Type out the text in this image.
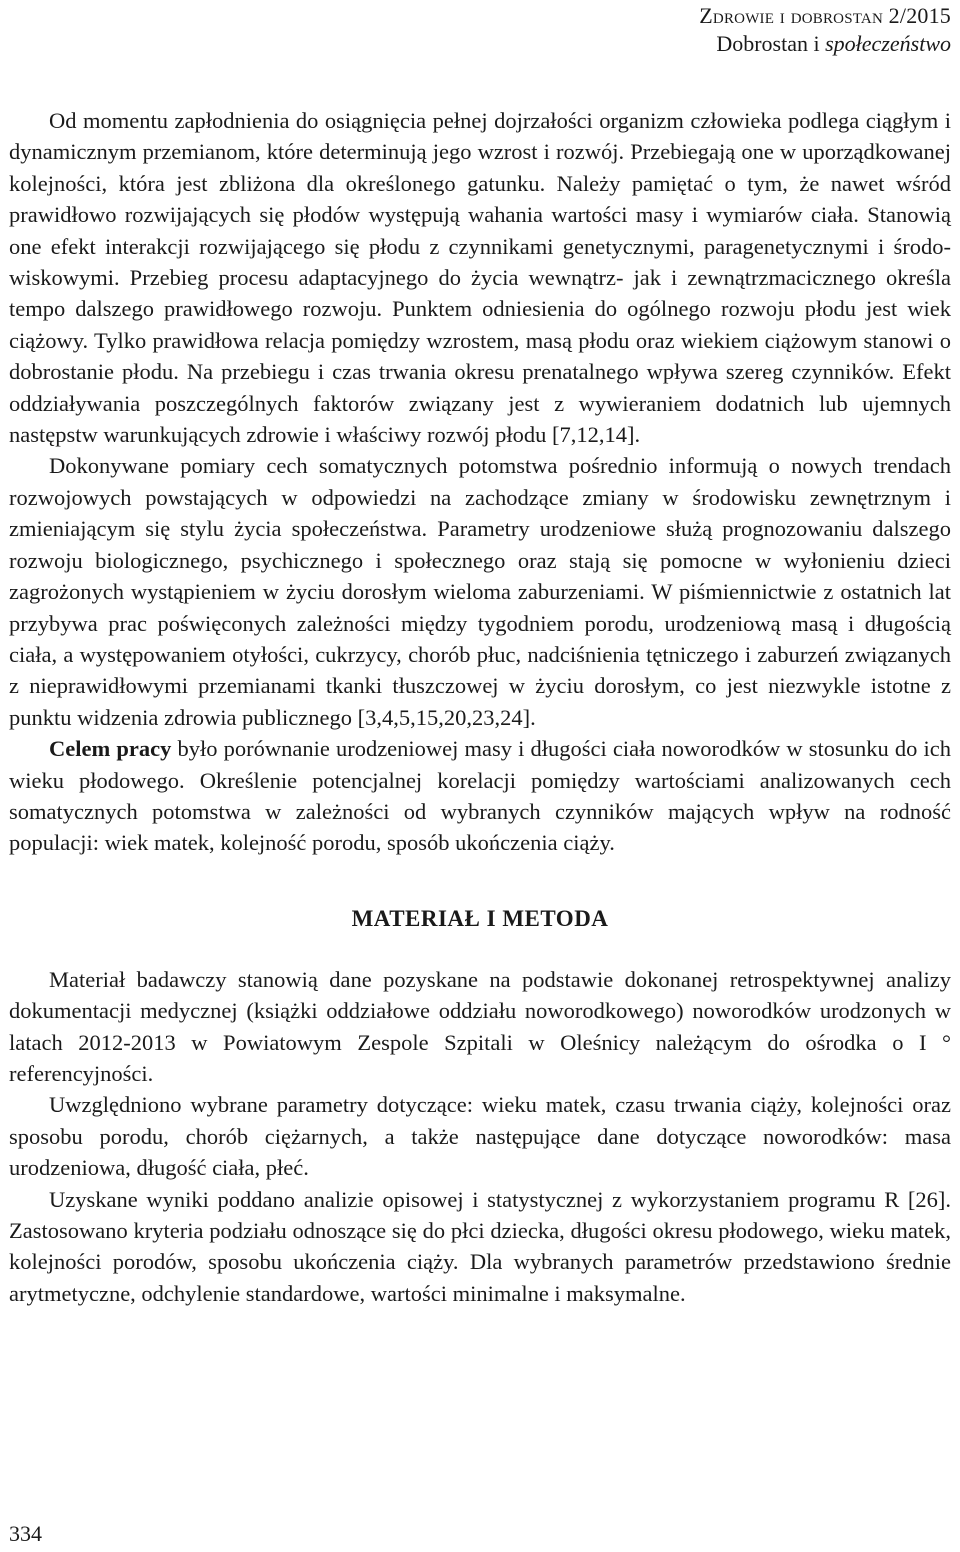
Zdrowie i dobrostan 2/2015
Dobrostan i społeczeństwo

Od momentu zapłodnienia do osiągnięcia pełnej dojrzałości organizm człowieka podlega ciągłym i dynamicznym przemianom, które determinują jego wzrost i rozwój. Przebiegają one w uporządkowanej kolejności, która jest zbliżona dla określonego gatunku. Należy pamiętać o tym, że nawet wśród prawidłowo rozwijających się płodów występują wahania wartości masy i wymiarów ciała. Stanowią one efekt interakcji rozwijającego się płodu z czynnikami genetycznymi, paragenetycznymi i środowiskowymi. Przebieg procesu adaptacyjnego do życia wewnątrz- jak i zewnątrzmacicznego określa tempo dalszego prawidłowego rozwoju. Punktem odniesienia do ogólnego rozwoju płodu jest wiek ciążowy. Tylko prawidłowa relacja pomiędzy wzrostem, masą płodu oraz wiekiem ciążowym stanowi o dobrostanie płodu. Na przebiegu i czas trwania okresu prenatalnego wpływa szereg czynników. Efekt oddziaływania poszczególnych faktorów związany jest z wywieraniem dodatnich lub ujemnych następstw warunkujących zdrowie i właściwy rozwój płodu [7,12,14].

Dokonywane pomiary cech somatycznych potomstwa pośrednio informują o nowych trendach rozwojowych powstających w odpowiedzi na zachodzące zmiany w środowisku zewnętrznym i zmieniającym się stylu życia społeczeństwa. Parametry urodzeniowe służą prognozowaniu dalszego rozwoju biologicznego, psychicznego i społecznego oraz stają się pomocne w wyłonieniu dzieci zagrożonych wystąpieniem w życiu dorosłym wieloma zaburzeniami. W piśmiennictwie z ostatnich lat przybywa prac poświęconych zależności między tygodniem porodu, urodzeniową masą i długością ciała, a występowaniem otyłości, cukrzycy, chorób płuc, nadciśnienia tętniczego i zaburzeń związanych z nieprawidłowymi przemianami tkanki tłuszczowej w życiu dorosłym, co jest niezwykle istotne z punktu widzenia zdrowia publicznego [3,4,5,15,20,23,24].

Celem pracy było porównanie urodzeniowej masy i długości ciała noworodków w stosunku do ich wieku płodowego. Określenie potencjalnej korelacji pomiędzy wartościami analizowanych cech somatycznych potomstwa w zależności od wybranych czynników mających wpływ na rodność populacji: wiek matek, kolejność porodu, sposób ukończenia ciąży.

MATERIAŁ I METODA

Materiał badawczy stanowią dane pozyskane na podstawie dokonanej retrospektywnej analizy dokumentacji medycznej (książki oddziałowe oddziału noworodkowego) noworodków urodzonych w latach 2012-2013 w Powiatowym Zespole Szpitali w Oleśnicy należącym do ośrodka o I ° referencyjności.

Uwzględniono wybrane parametry dotyczące: wieku matek, czasu trwania ciąży, kolejności oraz sposobu porodu, chorób ciężarnych, a także następujące dane dotyczące noworodków: masa urodzeniowa, długość ciała, płeć.

Uzyskane wyniki poddano analizie opisowej i statystycznej z wykorzystaniem programu R [26]. Zastosowano kryteria podziału odnoszące się do płci dziecka, długości okresu płodowego, wieku matek, kolejności porodów, sposobu ukończenia ciąży. Dla wybranych parametrów przedstawiono średnie arytmetyczne, odchylenie standardowe, wartości minimalne i maksymalne.

334
